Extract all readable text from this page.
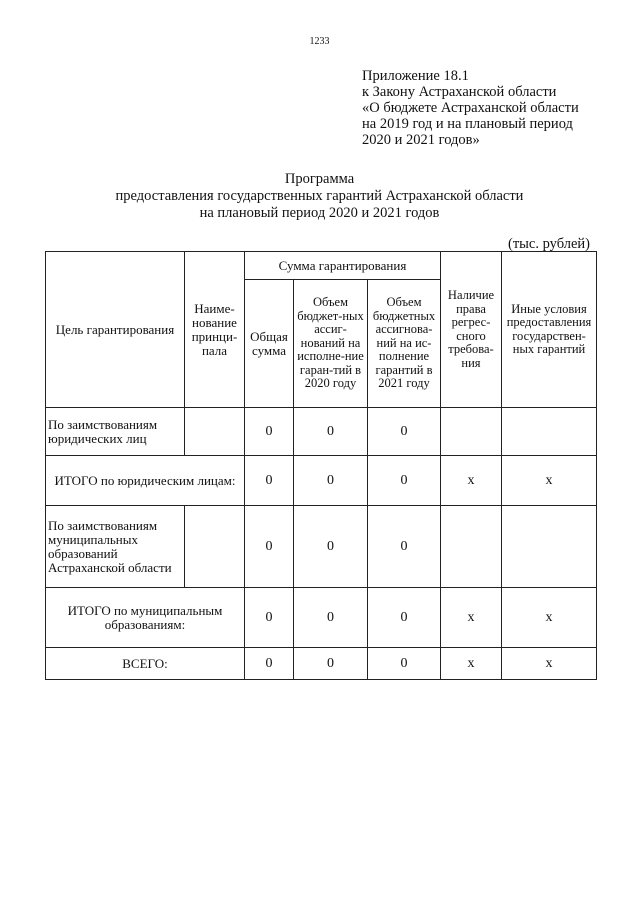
1233
Приложение 18.1
к Закону Астраханской области
«О бюджете Астраханской области
на 2019 год и на плановый период
2020 и 2021 годов»
Программа
предоставления государственных гарантий Астраханской области
на плановый период 2020 и 2021 годов
(тыс. рублей)
Цель гарантирования	Наиме-нование принци-пала	Сумма гарантирования			Наличие права регрес-сного требова-ния	Иные условия предоставления государствен-ных гарантий
		Общая сумма	Объем бюджет-ных ассиг-нований на исполне-ние гаран-тий в 2020 году	Объем бюджетных ассигнова-ний на ис-полнение гарантий в 2021 году		
По заимствованиям юридических лиц		0	0	0		
ИТОГО по юридическим лицам:		0	0	0	х	х
По заимствованиям муниципальных образований Астраханской области		0	0	0		
ИТОГО по муниципальным образованиям:		0	0	0	х	х
ВСЕГО:		0	0	0	х	х
